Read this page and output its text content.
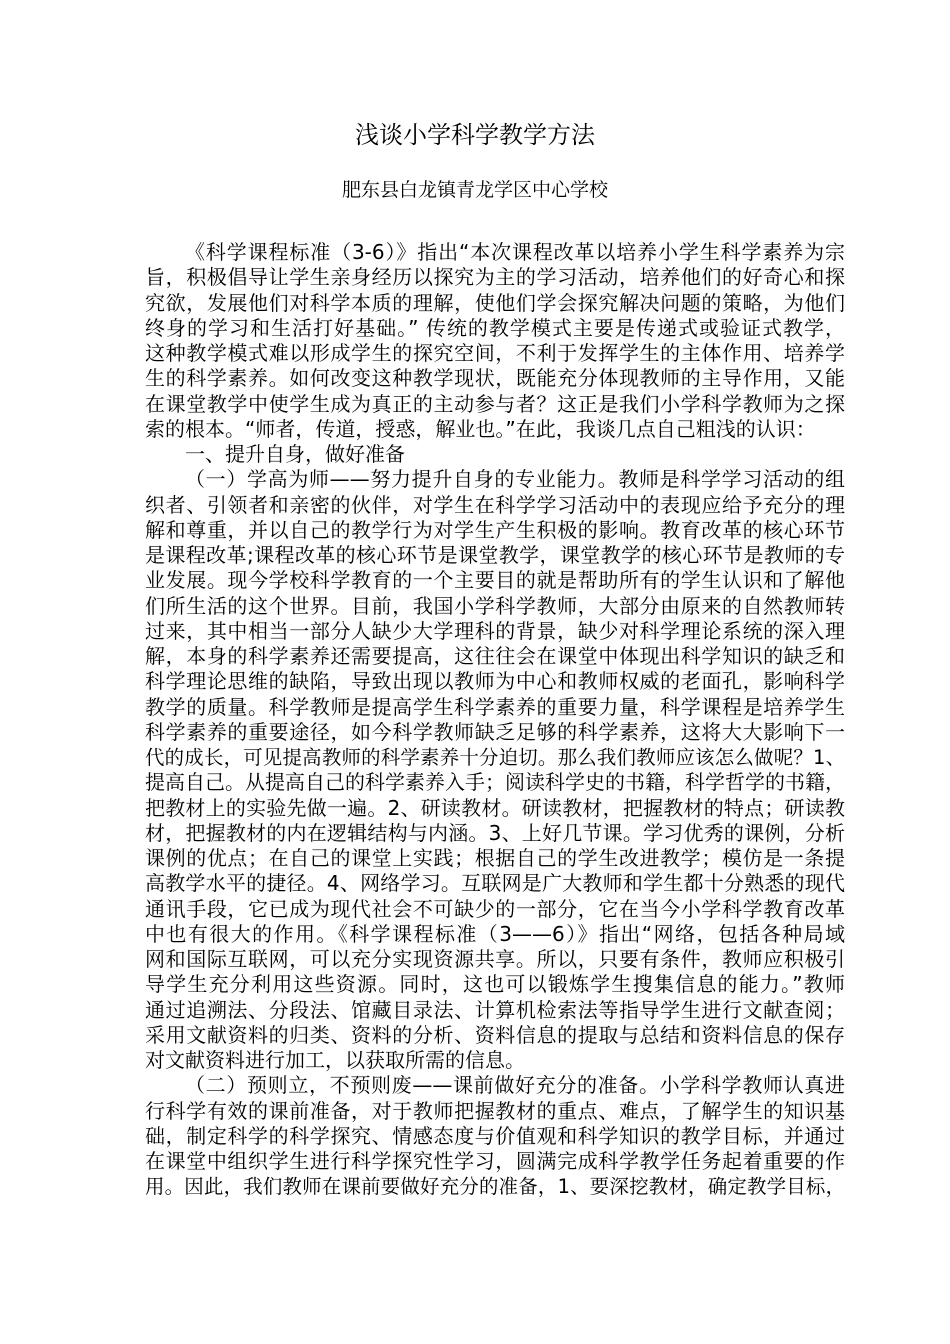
浅谈小学科学教学方法
肥东县白龙镇青龙学区中心学校
《科学课程标准（3-6）》指出“本次课程改革以培养小学生科学素养为宗
旨，积极倡导让学生亲身经历以探究为主的学习活动，培养他们的好奇心和探
究欲，发展他们对科学本质的理解，使他们学会探究解决问题的策略，为他们
终身的学习和生活打好基础。” 传统的教学模式主要是传递式或验证式教学，
这种教学模式难以形成学生的探究空间，不利于发挥学生的主体作用、培养学
生的科学素养。如何改变这种教学现状，既能充分体现教师的主导作用，又能
在课堂教学中使学生成为真正的主动参与者？这正是我们小学科学教师为之探
索的根本。“师者，传道，授惑，解业也。”在此，我谈几点自己粗浅的认识：
一、提升自身，做好准备
（一）学高为师——努力提升自身的专业能力。教师是科学学习活动的组
织者、引领者和亲密的伙伴，对学生在科学学习活动中的表现应给予充分的理
解和尊重，并以自己的教学行为对学生产生积极的影响。教育改革的核心环节
是课程改革;课程改革的核心环节是课堂教学，课堂教学的核心环节是教师的专
业发展。现今学校科学教育的一个主要目的就是帮助所有的学生认识和了解他
们所生活的这个世界。目前，我国小学科学教师，大部分由原来的自然教师转
过来，其中相当一部分人缺少大学理科的背景，缺少对科学理论系统的深入理
解，本身的科学素养还需要提高，这往往会在课堂中体现出科学知识的缺乏和
科学理论思维的缺陷，导致出现以教师为中心和教师权威的老面孔，影响科学
教学的质量。科学教师是提高学生科学素养的重要力量，科学课程是培养学生
科学素养的重要途径，如今科学教师缺乏足够的科学素养，这将大大影响下一
代的成长，可见提高教师的科学素养十分迫切。那么我们教师应该怎么做呢？1、
提高自己。从提高自己的科学素养入手；阅读科学史的书籍，科学哲学的书籍，
把教材上的实验先做一遍。2、研读教材。研读教材，把握教材的特点；研读教
材，把握教材的内在逻辑结构与内涵。3、上好几节课。学习优秀的课例，分析
课例的优点；在自己的课堂上实践；根据自己的学生改进教学；模仿是一条提
高教学水平的捷径。4、网络学习。互联网是广大教师和学生都十分熟悉的现代
通讯手段，它已成为现代社会不可缺少的一部分，它在当今小学科学教育改革
中也有很大的作用。《科学课程标准（3——6）》指出“网络，包括各种局域
网和国际互联网，可以充分实现资源共享。所以，只要有条件，教师应积极引
导学生充分利用这些资源。同时，这也可以锻炼学生搜集信息的能力。”教师
通过追溯法、分段法、馆藏目录法、计算机检索法等指导学生进行文献查阅；
采用文献资料的归类、资料的分析、资料信息的提取与总结和资料信息的保存
对文献资料进行加工，以获取所需的信息。
（二）预则立，不预则废——课前做好充分的准备。小学科学教师认真进
行科学有效的课前准备，对于教师把握教材的重点、难点，了解学生的知识基
础，制定科学的科学探究、情感态度与价值观和科学知识的教学目标，并通过
在课堂中组织学生进行科学探究性学习，圆满完成科学教学任务起着重要的作
用。因此，我们教师在课前要做好充分的准备，1、要深挖教材，确定教学目标，
